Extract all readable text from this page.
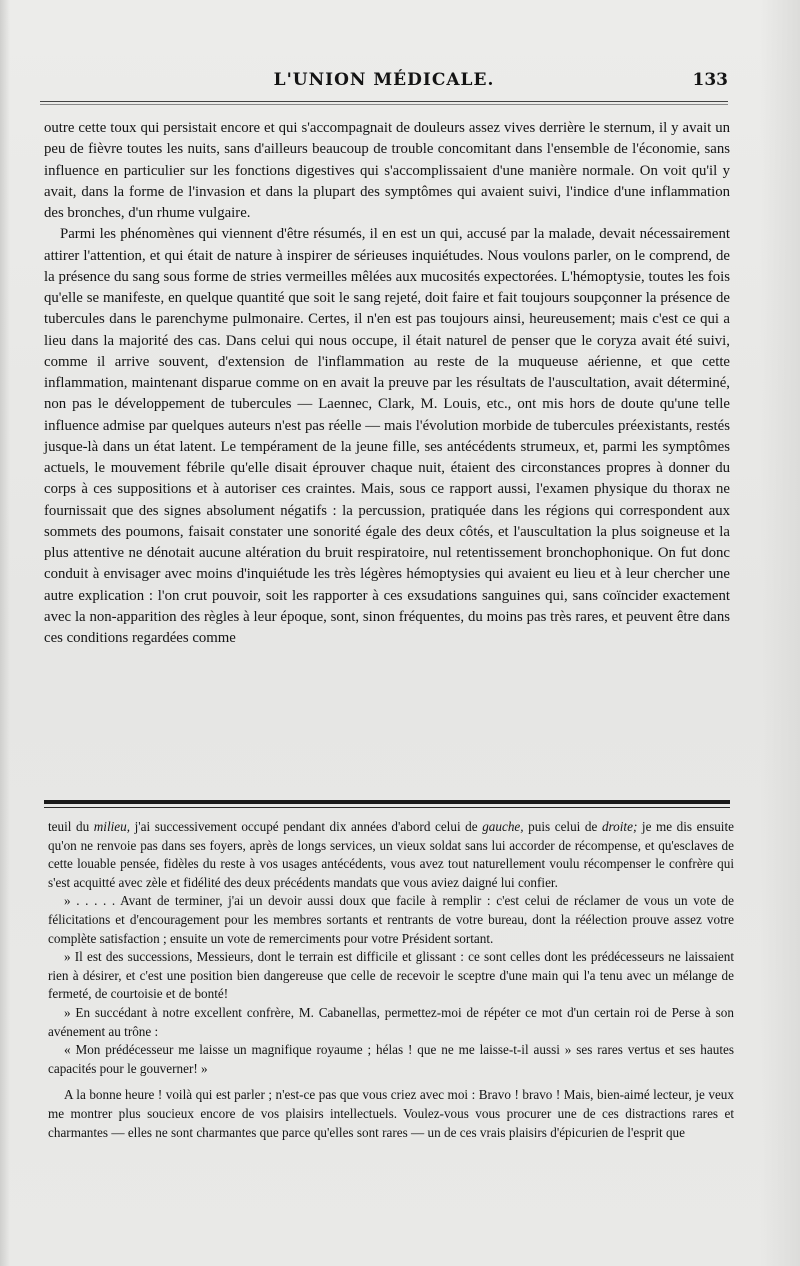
L'UNION MÉDICALE.	133

outre cette toux qui persistait encore et qui s'accompagnait de douleurs assez vives derrière le sternum, il y avait un peu de fièvre toutes les nuits, sans d'ailleurs beaucoup de trouble concomitant dans l'ensemble de l'économie, sans influence en particulier sur les fonctions digestives qui s'accomplissaient d'une manière normale. On voit qu'il y avait, dans la forme de l'invasion et dans la plupart des symptômes qui avaient suivi, l'indice d'une inflammation des bronches, d'un rhume vulgaire.

Parmi les phénomènes qui viennent d'être résumés, il en est un qui, accusé par la malade, devait nécessairement attirer l'attention, et qui était de nature à inspirer de sérieuses inquiétudes. Nous voulons parler, on le comprend, de la présence du sang sous forme de stries vermeilles mêlées aux mucosités expectorées. L'hémoptysie, toutes les fois qu'elle se manifeste, en quelque quantité que soit le sang rejeté, doit faire et fait toujours soupçonner la présence de tubercules dans le parenchyme pulmonaire. Certes, il n'en est pas toujours ainsi, heureusement; mais c'est ce qui a lieu dans la majorité des cas. Dans celui qui nous occupe, il était naturel de penser que le coryza avait été suivi, comme il arrive souvent, d'extension de l'inflammation au reste de la muqueuse aérienne, et que cette inflammation, maintenant disparue comme on en avait la preuve par les résultats de l'auscultation, avait déterminé, non pas le développement de tubercules — Laennec, Clark, M. Louis, etc., ont mis hors de doute qu'une telle influence admise par quelques auteurs n'est pas réelle — mais l'évolution morbide de tubercules préexistants, restés jusque-là dans un état latent. Le tempérament de la jeune fille, ses antécédents strumeux, et, parmi les symptômes actuels, le mouvement fébrile qu'elle disait éprouver chaque nuit, étaient des circonstances propres à donner du corps à ces suppositions et à autoriser ces craintes. Mais, sous ce rapport aussi, l'examen physique du thorax ne fournissait que des signes absolument négatifs : la percussion, pratiquée dans les régions qui correspondent aux sommets des poumons, faisait constater une sonorité égale des deux côtés, et l'auscultation la plus soigneuse et la plus attentive ne dénotait aucune altération du bruit respiratoire, nul retentissement bronchophonique. On fut donc conduit à envisager avec moins d'inquiétude les très légères hémoptysies qui avaient eu lieu et à leur chercher une autre explication : l'on crut pouvoir, soit les rapporter à ces exsudations sanguines qui, sans coïncider exactement avec la non-apparition des règles à leur époque, sont, sinon fréquentes, du moins pas très rares, et peuvent être dans ces conditions regardées comme

teuil du milieu, j'ai successivement occupé pendant dix années d'abord celui de gauche, puis celui de droite; je me dis ensuite qu'on ne renvoie pas dans ses foyers, après de longs services, un vieux soldat sans lui accorder de récompense, et qu'esclaves de cette louable pensée, fidèles du reste à vos usages antécédents, vous avez tout naturellement voulu récompenser le confrère qui s'est acquitté avec zèle et fidélité des deux précédents mandats que vous aviez daigné lui confier.

» . . . . . Avant de terminer, j'ai un devoir aussi doux que facile à remplir : c'est celui de réclamer de vous un vote de félicitations et d'encouragement pour les membres sortants et rentrants de votre bureau, dont la réélection prouve assez votre complète satisfaction ; ensuite un vote de remerciments pour votre Président sortant.

» Il est des successions, Messieurs, dont le terrain est difficile et glissant : ce sont celles dont les prédécesseurs ne laissaient rien à désirer, et c'est une position bien dangereuse que celle de recevoir le sceptre d'une main qui l'a tenu avec un mélange de fermeté, de courtoisie et de bonté!

» En succédant à notre excellent confrère, M. Cabanellas, permettez-moi de répéter ce mot d'un certain roi de Perse à son avénement au trône :

« Mon prédécesseur me laisse un magnifique royaume ; hélas ! que ne me laisse-t-il aussi » ses rares vertus et ses hautes capacités pour le gouverner! »

A la bonne heure ! voilà qui est parler ; n'est-ce pas que vous criez avec moi : Bravo ! bravo ! Mais, bien-aimé lecteur, je veux me montrer plus soucieux encore de vos plaisirs intellectuels. Voulez-vous vous procurer une de ces distractions rares et charmantes — elles ne sont charmantes que parce qu'elles sont rares — un de ces vrais plaisirs d'épicurien de l'esprit que
